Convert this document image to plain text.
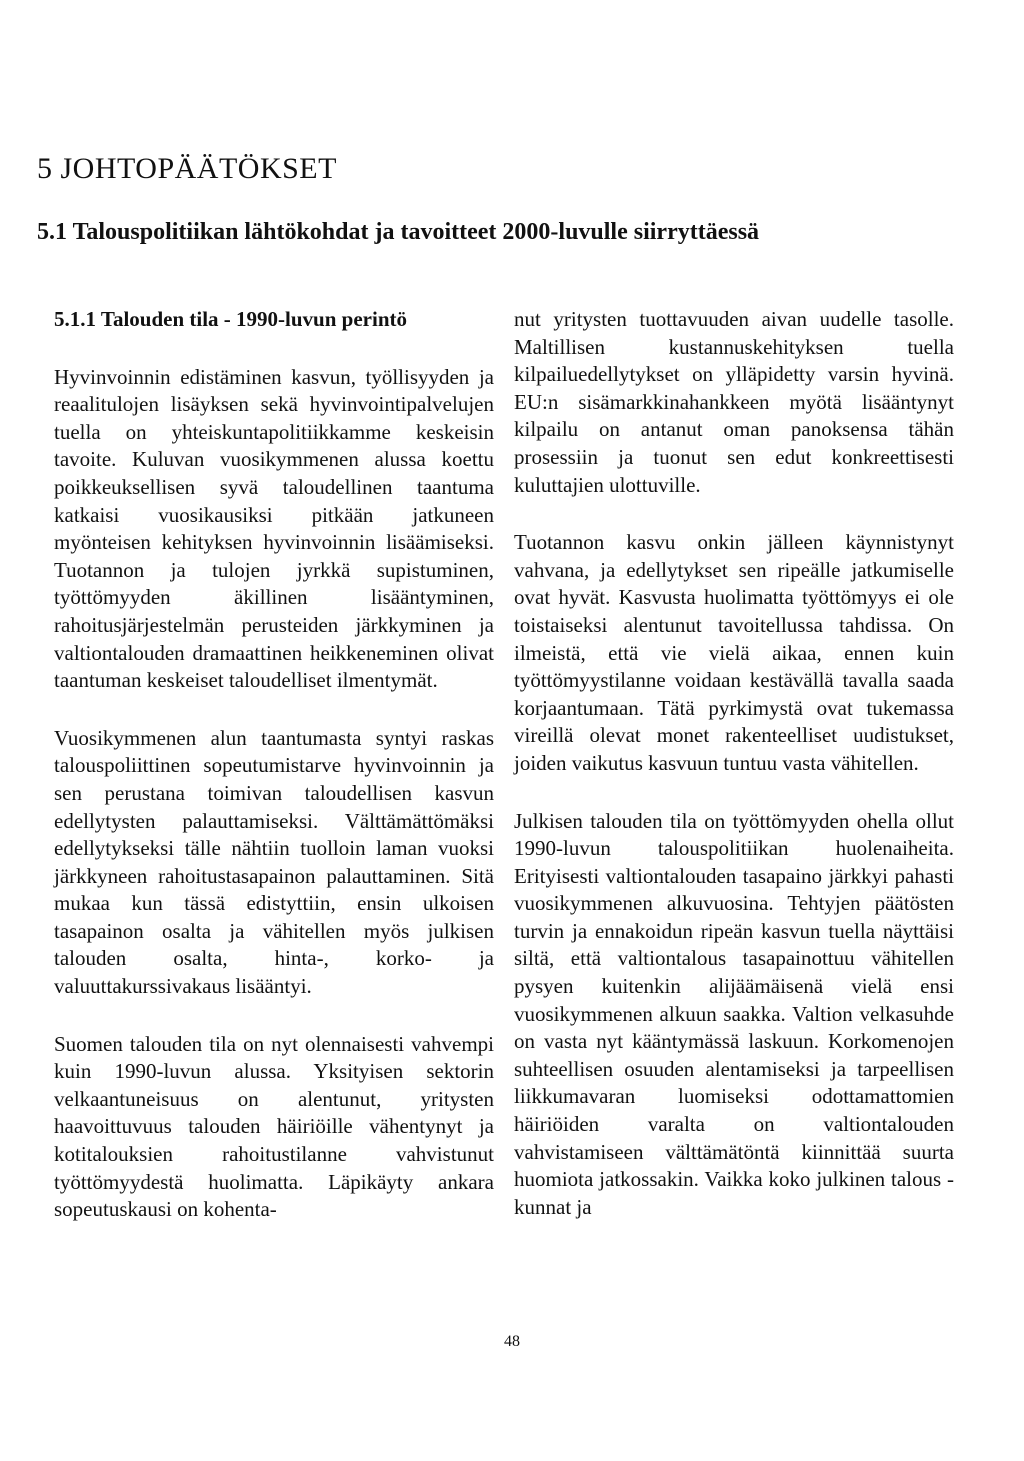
5 JOHTOPÄÄTÖKSET
5.1 Talouspolitiikan lähtökohdat ja tavoitteet 2000-luvulle siirryttäessä
5.1.1 Talouden tila - 1990-luvun perintö

Hyvinvoinnin edistäminen kasvun, työllisyyden ja reaalitulojen lisäyksen sekä hyvinvointipalvelujen tuella on yhteiskuntapolitiikkamme keskeisin tavoite. Kuluvan vuosikymmenen alussa koettu poikkeuksellisen syvä taloudellinen taantuma katkaisi vuosikausiksi pitkään jatkuneen myönteisen kehityksen hyvinvoinnin lisäämiseksi. Tuotannon ja tulojen jyrkkä supistuminen, työttömyyden äkillinen lisääntyminen, rahoitusjärjestelmän perusteiden järkkyminen ja valtiontalouden dramaattinen heikkeneminen olivat taantuman keskeiset taloudelliset ilmentymät.

Vuosikymmenen alun taantumasta syntyi raskas talouspoliittinen sopeutumistarve hyvinvoinnin ja sen perustana toimivan taloudellisen kasvun edellytysten palauttamiseksi. Välttämättömäksi edellytykseksi tälle nähtiin tuolloin laman vuoksi järkkyneen rahoitustasapainon palauttaminen. Sitä mukaa kun tässä edistyttiin, ensin ulkoisen tasapainon osalta ja vähitellen myös julkisen talouden osalta, hinta-, korko- ja valuuttakurssivakaus lisääntyi.

Suomen talouden tila on nyt olennaisesti vahvempi kuin 1990-luvun alussa. Yksityisen sektorin velkaantuneisuus on alentunut, yritysten haavoittuvuus talouden häiriöille vähentynyt ja kotitalouksien rahoitustilanne vahvistunut työttömyydestä huolimatta. Läpikäyty ankara sopeutuskausi on kohenta-

nut yritysten tuottavuuden aivan uudelle tasolle. Maltillisen kustannuskehityksen tuella kilpailuedellytykset on ylläpidetty varsin hyvinä. EU:n sisämarkkinahankkeen myötä lisääntynyt kilpailu on antanut oman panoksensa tähän prosessiin ja tuonut sen edut konkreettisesti kuluttajien ulottuville.

Tuotannon kasvu onkin jälleen käynnistynyt vahvana, ja edellytykset sen ripeälle jatkumiselle ovat hyvät. Kasvusta huolimatta työttömyys ei ole toistaiseksi alentunut tavoitellussa tahdissa. On ilmeistä, että vie vielä aikaa, ennen kuin työttömyystilanne voidaan kestävällä tavalla saada korjaantumaan. Tätä pyrkimystä ovat tukemassa vireillä olevat monet rakenteelliset uudistukset, joiden vaikutus kasvuun tuntuu vasta vähitellen.

Julkisen talouden tila on työttömyyden ohella ollut 1990-luvun talouspolitiikan huolenaiheita. Erityisesti valtiontalouden tasapaino järkkyi pahasti vuosikymmenen alkuvuosina. Tehtyjen päätösten turvin ja ennakoidun ripeän kasvun tuella näyttäisi siltä, että valtiontalous tasapainottuu vähitellen pysyen kuitenkin alijäämäisenä vielä ensi vuosikymmenen alkuun saakka. Valtion velkasuhde on vasta nyt kääntymässä laskuun. Korkomenojen suhteellisen osuuden alentamiseksi ja tarpeellisen liikkumavaran luomiseksi odottamattomien häiriöiden varalta on valtiontalouden vahvistamiseen välttämätöntä kiinnittää suurta huomiota jatkossakin. Vaikka koko julkinen talous - kunnat ja

48
